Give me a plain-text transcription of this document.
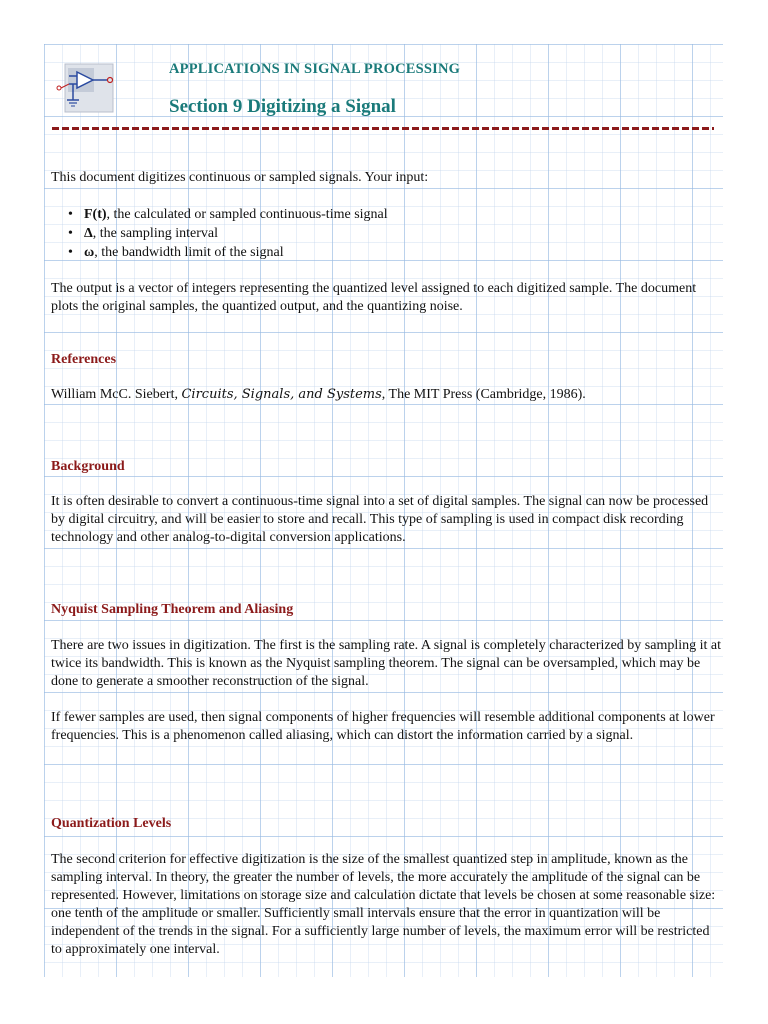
APPLICATIONS IN SIGNAL PROCESSING
Section 9 Digitizing a Signal
This document digitizes continuous or sampled signals. Your input:
• F(t), the calculated or sampled continuous-time signal
• Δ, the sampling interval
• ω, the bandwidth limit of the signal
The output is a vector of integers representing the quantized level assigned to each digitized sample. The document plots the original samples, the quantized output, and the quantizing noise.
References
William McC. Siebert, Circuits, Signals, and Systems, The MIT Press (Cambridge, 1986).
Background
It is often desirable to convert a continuous-time signal into a set of digital samples. The signal can now be processed by digital circuitry, and will be easier to store and recall. This type of sampling is used in compact disk recording technology and other analog-to-digital conversion applications.
Nyquist Sampling Theorem and Aliasing
There are two issues in digitization. The first is the sampling rate. A signal is completely characterized by sampling it at twice its bandwidth. This is known as the Nyquist sampling theorem. The signal can be oversampled, which may be done to generate a smoother reconstruction of the signal.
If fewer samples are used, then signal components of higher frequencies will resemble additional components at lower frequencies. This is a phenomenon called aliasing, which can distort the information carried by a signal.
Quantization Levels
The second criterion for effective digitization is the size of the smallest quantized step in amplitude, known as the sampling interval. In theory, the greater the number of levels, the more accurately the amplitude of the signal can be represented. However, limitations on storage size and calculation dictate that levels be chosen at some reasonable size: one tenth of the amplitude or smaller. Sufficiently small intervals ensure that the error in quantization will be independent of the trends in the signal. For a sufficiently large number of levels, the maximum error will be restricted to approximately one interval.
